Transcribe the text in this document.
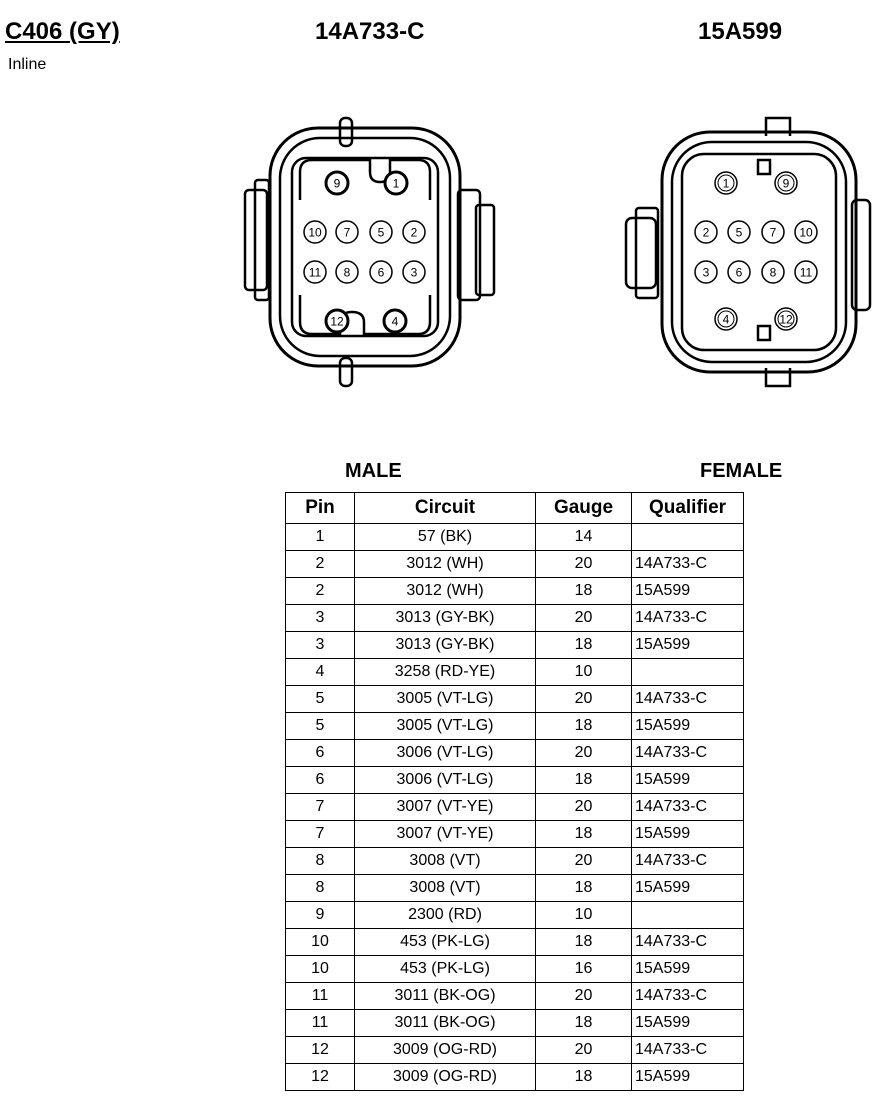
C406 (GY)
Inline
14A733-C	15A599
9	1
10 7 5 2
11 8 6 3
12	4
1	9
2 5 7 10
3 6 8 11
4	12
MALE	FEMALE
Pin	Circuit	Gauge	Qualifier
1	57 (BK)	14	
2	3012 (WH)	20	14A733-C
2	3012 (WH)	18	15A599
3	3013 (GY-BK)	20	14A733-C
3	3013 (GY-BK)	18	15A599
4	3258 (RD-YE)	10	
5	3005 (VT-LG)	20	14A733-C
5	3005 (VT-LG)	18	15A599
6	3006 (VT-LG)	20	14A733-C
6	3006 (VT-LG)	18	15A599
7	3007 (VT-YE)	20	14A733-C
7	3007 (VT-YE)	18	15A599
8	3008 (VT)	20	14A733-C
8	3008 (VT)	18	15A599
9	2300 (RD)	10	
10	453 (PK-LG)	18	14A733-C
10	453 (PK-LG)	16	15A599
11	3011 (BK-OG)	20	14A733-C
11	3011 (BK-OG)	18	15A599
12	3009 (OG-RD)	20	14A733-C
12	3009 (OG-RD)	18	15A599
